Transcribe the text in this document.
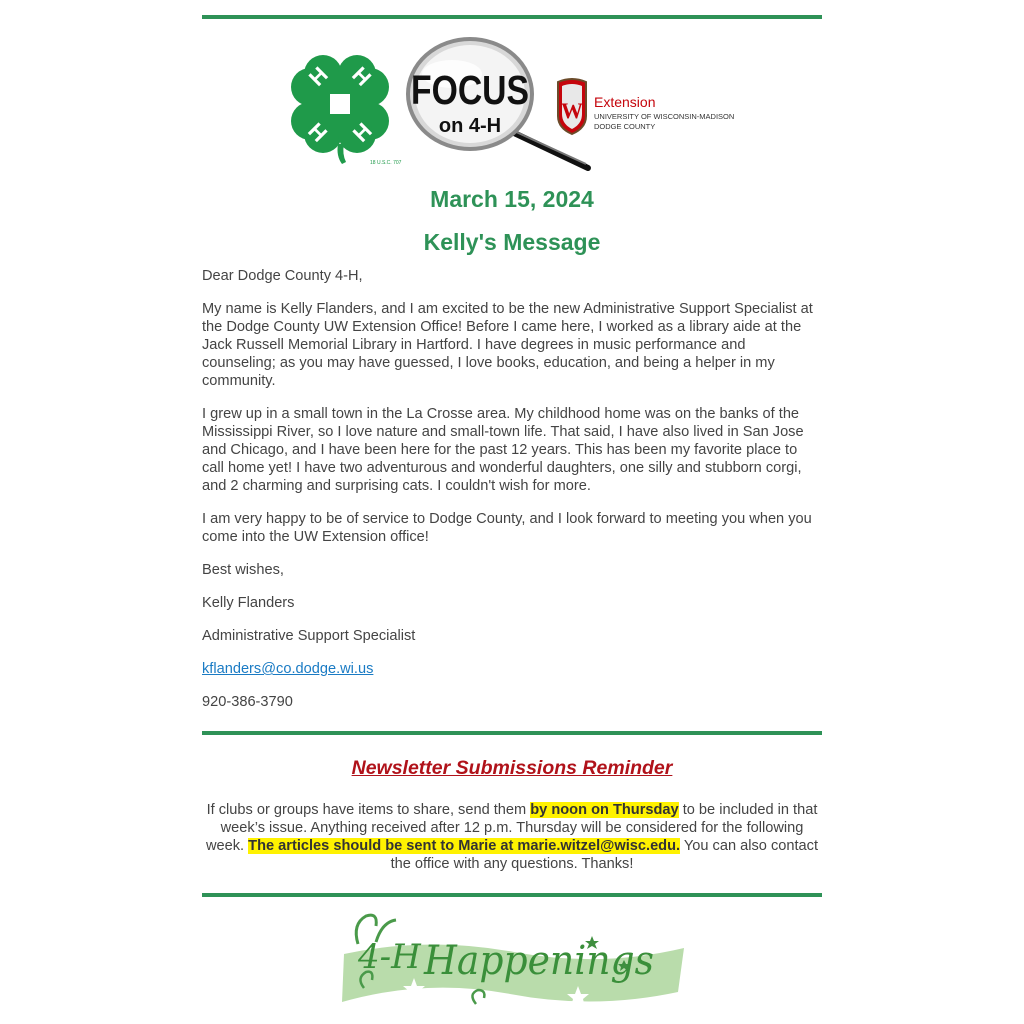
H H
H H
18 U.S.C. 707
FOCUS
on 4-H
W Extension
UNIVERSITY OF WISCONSIN-MADISON
DODGE COUNTY
March 15, 2024
Kelly's Message

Dear Dodge County 4-H,

My name is Kelly Flanders, and I am excited to be the new Administrative Support Specialist at the Dodge County UW Extension Office! Before I came here, I worked as a library aide at the Jack Russell Memorial Library in Hartford. I have degrees in music performance and counseling; as you may have guessed, I love books, education, and being a helper in my community.

I grew up in a small town in the La Crosse area. My childhood home was on the banks of the Mississippi River, so I love nature and small-town life. That said, I have also lived in San Jose and Chicago, and I have been here for the past 12 years. This has been my favorite place to call home yet! I have two adventurous and wonderful daughters, one silly and stubborn corgi, and 2 charming and surprising cats. I couldn't wish for more.

I am very happy to be of service to Dodge County, and I look forward to meeting you when you come into the UW Extension office!

Best wishes,

Kelly Flanders

Administrative Support Specialist

kflanders@co.dodge.wi.us

920-386-3790

Newsletter Submissions Reminder
If clubs or groups have items to share, send them by noon on Thursday to be included in that week’s issue. Anything received after 12 p.m. Thursday will be considered for the following week. The articles should be sent to Marie at marie.witzel@wisc.edu. You can also contact the office with any questions. Thanks!
4-H Happenings
